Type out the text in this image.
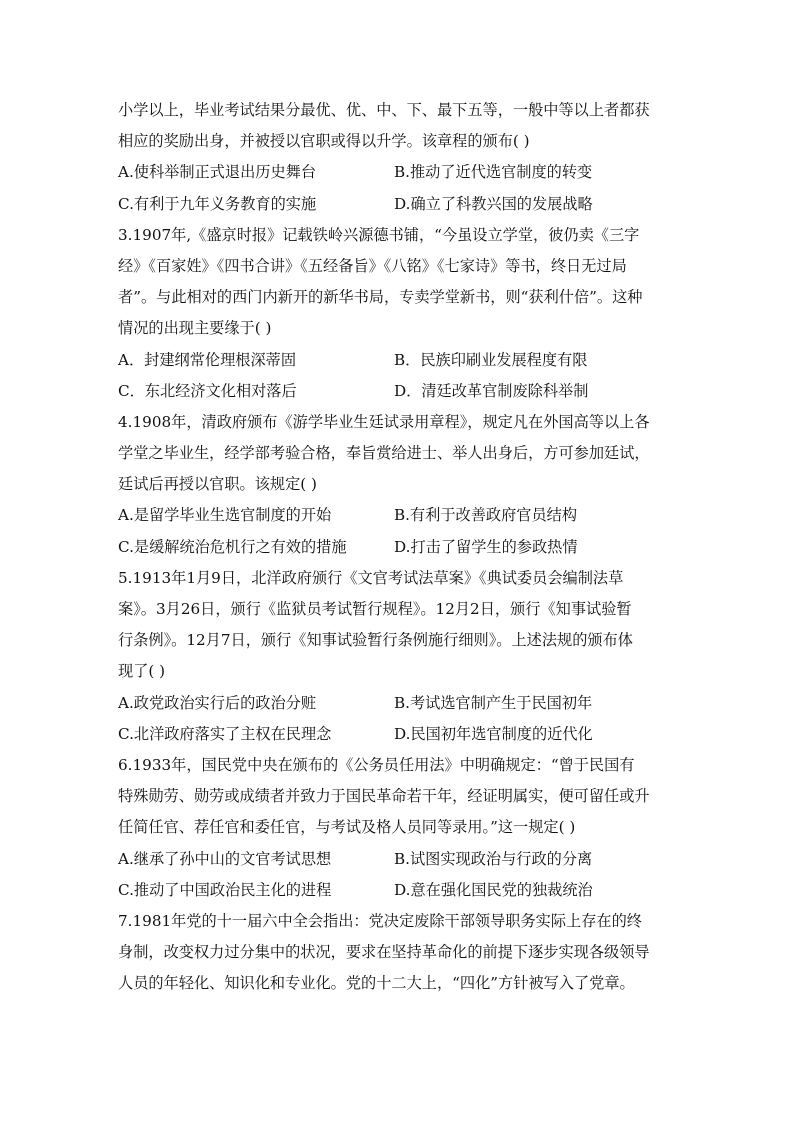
小学以上，毕业考试结果分最优、优、中、下、最下五等，一般中等以上者都获
相应的奖励出身，并被授以官职或得以升学。该章程的颁布( )
A.使科举制正式退出历史舞台	B.推动了近代选官制度的转变
C.有利于九年义务教育的实施	D.确立了科教兴国的发展战略
3.1907年,《盛京时报》记载铁岭兴源德书铺，“今虽设立学堂，彼仍卖《三字
经》《百家姓》《四书合讲》《五经备旨》《八铭》《七家诗》等书，终日无过局
者”。与此相对的西门内新开的新华书局，专卖学堂新书，则“获利什倍”。这种
情况的出现主要缘于( )
A．封建纲常伦理根深蒂固	B．民族印刷业发展程度有限
C．东北经济文化相对落后	D．清廷改革官制废除科举制
4.1908年，清政府颁布《游学毕业生廷试录用章程》，规定凡在外国高等以上各
学堂之毕业生，经学部考验合格，奉旨赏给进士、举人出身后，方可参加廷试，
廷试后再授以官职。该规定( )
A.是留学毕业生选官制度的开始	B.有利于改善政府官员结构
C.是缓解统治危机行之有效的措施	D.打击了留学生的参政热情
5.1913年1月9日，北洋政府颁行《文官考试法草案》《典试委员会编制法草
案》。3月26日，颁行《监狱员考试暂行规程》。12月2日，颁行《知事试验暂
行条例》。12月7日，颁行《知事试验暂行条例施行细则》。上述法规的颁布体
现了( )
A.政党政治实行后的政治分赃	B.考试选官制产生于民国初年
C.北洋政府落实了主权在民理念	D.民国初年选官制度的近代化
6.1933年，国民党中央在颁布的《公务员任用法》中明确规定：“曾于民国有
特殊勋劳、勋劳或成绩者并致力于国民革命若干年，经证明属实，便可留任或升
任简任官、荐任官和委任官，与考试及格人员同等录用。”这一规定( )
A.继承了孙中山的文官考试思想	B.试图实现政治与行政的分离
C.推动了中国政治民主化的进程	D.意在强化国民党的独裁统治
7.1981年党的十一届六中全会指出：党决定废除干部领导职务实际上存在的终
身制，改变权力过分集中的状况，要求在坚持革命化的前提下逐步实现各级领导
人员的年轻化、知识化和专业化。党的十二大上，“四化”方针被写入了党章。
